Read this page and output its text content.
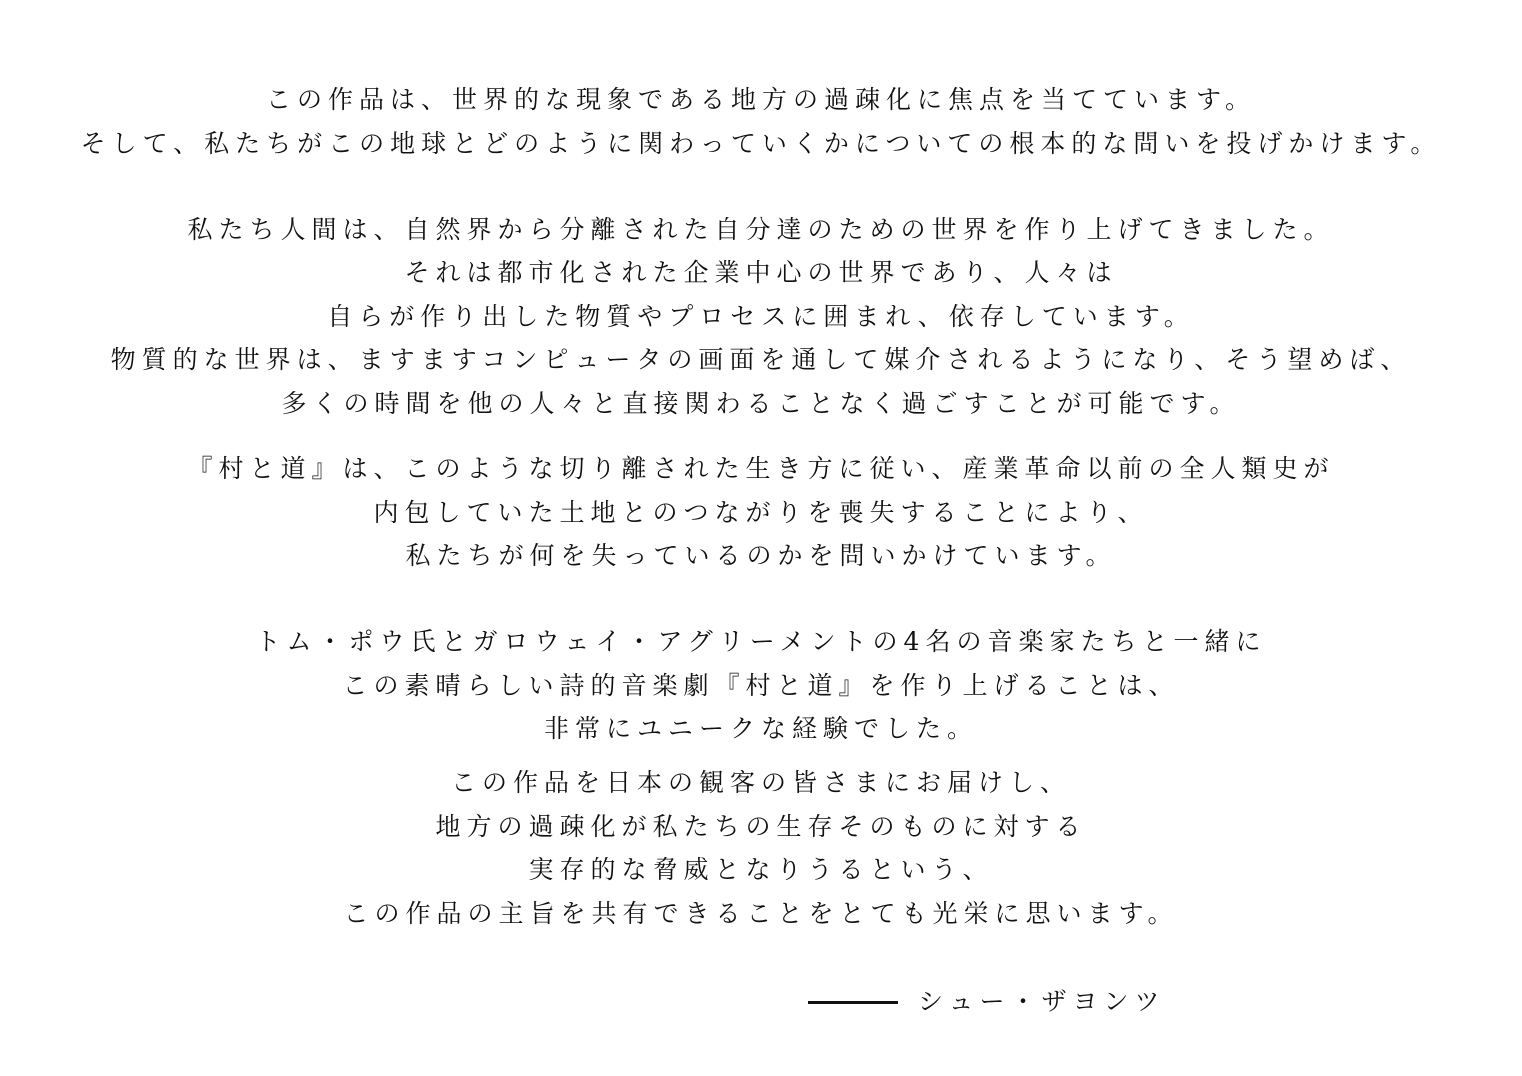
この作品は、世界的な現象である地方の過疎化に焦点を当てています。
そして、私たちがこの地球とどのように関わっていくかについての根本的な問いを投げかけます。
私たち人間は、自然界から分離された自分達のための世界を作り上げてきました。
それは都市化された企業中心の世界であり、人々は
自らが作り出した物質やプロセスに囲まれ、依存しています。
物質的な世界は、ますますコンピュータの画面を通して媒介されるようになり、そう望めば、
多くの時間を他の人々と直接関わることなく過ごすことが可能です。
『村と道』は、このような切り離された生き方に従い、産業革命以前の全人類史が
内包していた土地とのつながりを喪失することにより、
私たちが何を失っているのかを問いかけています。
トム・ポウ氏とガロウェイ・アグリーメントの4名の音楽家たちと一緒に
この素晴らしい詩的音楽劇『村と道』を作り上げることは、
非常にユニークな経験でした。
この作品を日本の観客の皆さまにお届けし、
地方の過疎化が私たちの生存そのものに対する
実存的な脅威となりうるという、
この作品の主旨を共有できることをとても光栄に思います。
シュー・ザヨンツ
